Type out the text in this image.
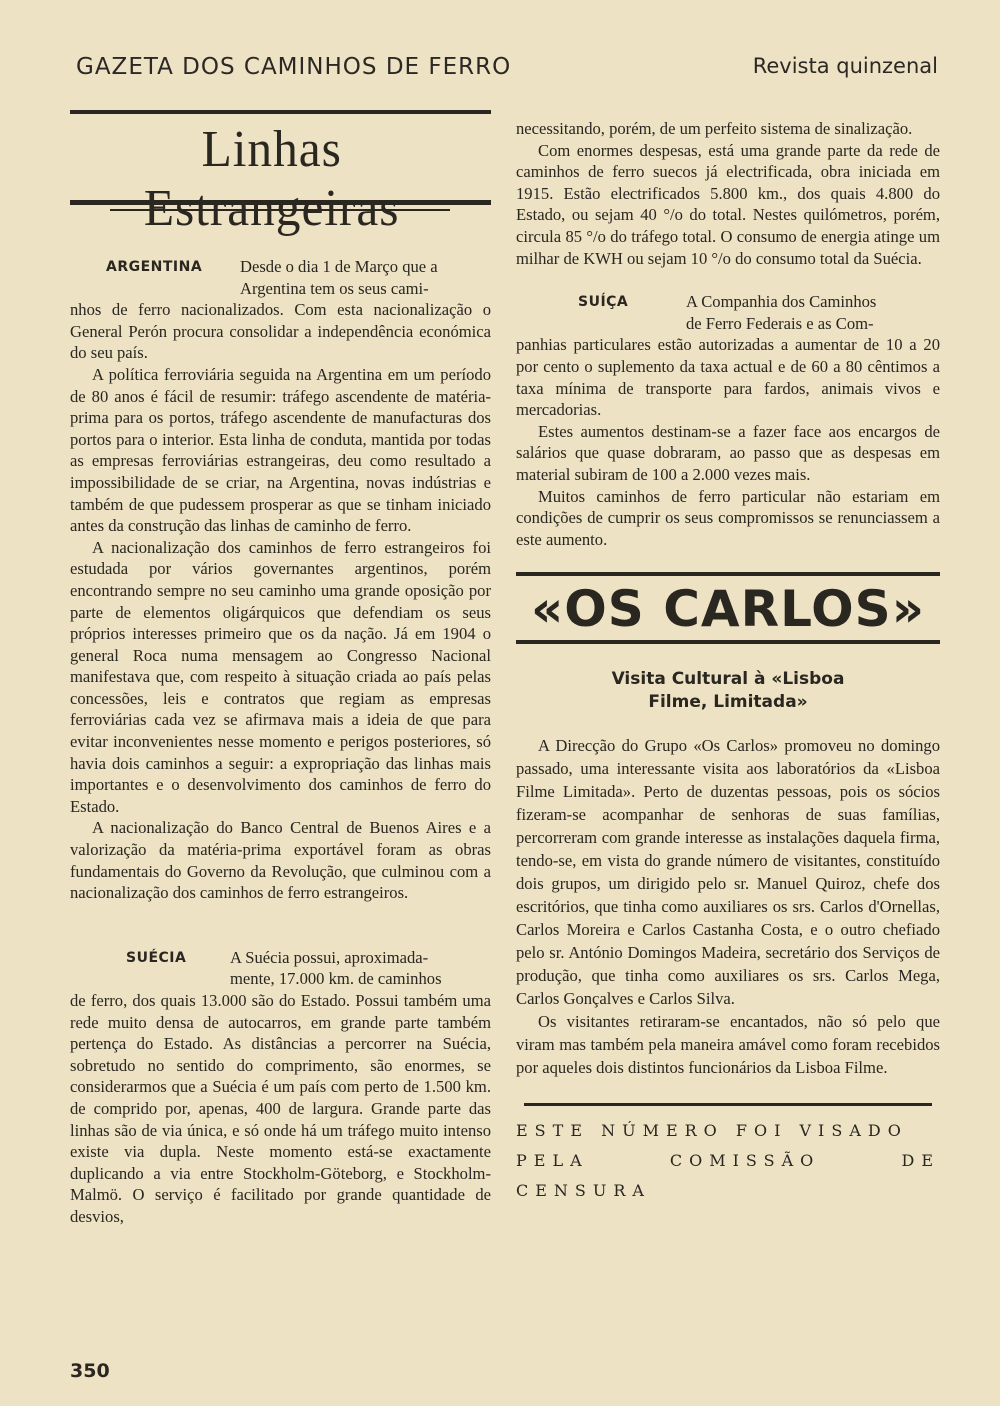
GAZETA DOS CAMINHOS DE FERRO	Revista quinzenal
Linhas
ARGENTINA Desde o dia 1 de Março que a

Argentina tem os seus cami-

nhos de ferro nacionalizados. Com esta nacionalização o General Perón procura consolidar a independência económica do seu país.

A política ferroviária seguida na Argentina em um período de 80 anos é fácil de resumir: tráfego ascendente de matéria-prima para os portos, tráfego ascendente de manufacturas dos portos para o interior. Esta linha de conduta, mantida por todas as empresas ferroviárias estrangeiras, deu como resultado a impossibilidade de se criar, na Argentina, novas indústrias e também de que pudessem prosperar as que se tinham iniciado antes da construção das linhas de caminho de ferro.

A nacionalização dos caminhos de ferro estrangeiros foi estudada por vários governantes argentinos, porém encontrando sempre no seu caminho uma grande oposição por parte de elementos oligárquicos que defendiam os seus próprios interesses primeiro que os da nação. Já em 1904 o general Roca numa mensagem ao Congresso Nacional manifestava que, com respeito à situação criada ao país pelas concessões, leis e contratos que regiam as empresas ferroviárias cada vez se afirmava mais a ideia de que para evitar inconvenientes nesse momento e perigos posteriores, só havia dois caminhos a seguir: a expropriação das linhas mais importantes e o desenvolvimento dos caminhos de ferro do Estado.

A nacionalização do Banco Central de Buenos Aires e a valorização da matéria-prima exportável foram as obras fundamentais do Governo da Revolução, que culminou com a nacionalização dos caminhos de ferro estrangeiros.

SUÉCIA	A Suécia possui, aproximada-

mente, 17.000 km. de caminhos

de ferro, dos quais 13.000 são do Estado. Possui também uma rede muito densa de autocarros, em grande parte também pertença do Estado. As distâncias a percorrer na Suécia, sobretudo no sentido do comprimento, são enormes, se considerarmos que a Suécia é um país com perto de 1.500 km. de comprido por, apenas, 400 de largura. Grande parte das linhas são de via única, e só onde há um tráfego muito intenso existe via dupla. Neste momento está-se exactamente duplicando a via entre Stockholm-Göteborg, e Stockholm-Malmö. O serviço é facilitado por grande quantidade de desvios,

necessitando, porém, de um perfeito sistema de sinalização.

Com enormes despesas, está uma grande parte da rede de caminhos de ferro suecos já electrificada, obra iniciada em 1915. Estão electrificados 5.800 km., dos quais 4.800 do Estado, ou sejam 40 °/o do total. Nestes quilómetros, porém, circula 85 °/o do tráfego total. O consumo de energia atinge um milhar de KWH ou sejam 10 °/o do consumo total da Suécia.

SUÍÇA	A Companhia dos Caminhos

de Ferro Federais e as Com-

panhias particulares estão autorizadas a aumentar de 10 a 20 por cento o suplemento da taxa actual e de 60 a 80 cêntimos a taxa mínima de transporte para fardos, animais vivos e mercadorias.

Estes aumentos destinam-se a fazer face aos encargos de salários que quase dobraram, ao passo que as despesas em material subiram de 100 a 2.000 vezes mais.

Muitos caminhos de ferro particular não estariam em condições de cumprir os seus compromissos se renunciassem a este aumento.

«OS CARLOS»
Visita Cultural à «Lisboa
Filme, Limitada»

A Direcção do Grupo «Os Carlos» promoveu no domingo passado, uma interessante visita aos laboratórios da «Lisboa Filme Limitada». Perto de duzentas pessoas, pois os sócios fizeram-se acompanhar de senhoras de suas famílias, percorreram com grande interesse as instalações daquela firma, tendo-se, em vista do grande número de visitantes, constituído dois grupos, um dirigido pelo sr. Manuel Quiroz, chefe dos escritórios, que tinha como auxiliares os srs. Carlos d'Ornellas, Carlos Moreira e Carlos Castanha Costa, e o outro chefiado pelo sr. António Domingos Madeira, secretário dos Serviços de produção, que tinha como auxiliares os srs. Carlos Mega, Carlos Gonçalves e Carlos Silva.

Os visitantes retiraram-se encantados, não só pelo que viram mas também pela maneira amável como foram recebidos por aqueles dois distintos funcionários da Lisboa Filme.

ESTE NÚMERO FOI VISADO
PELA COMISSÃO DE CENSURA
350
